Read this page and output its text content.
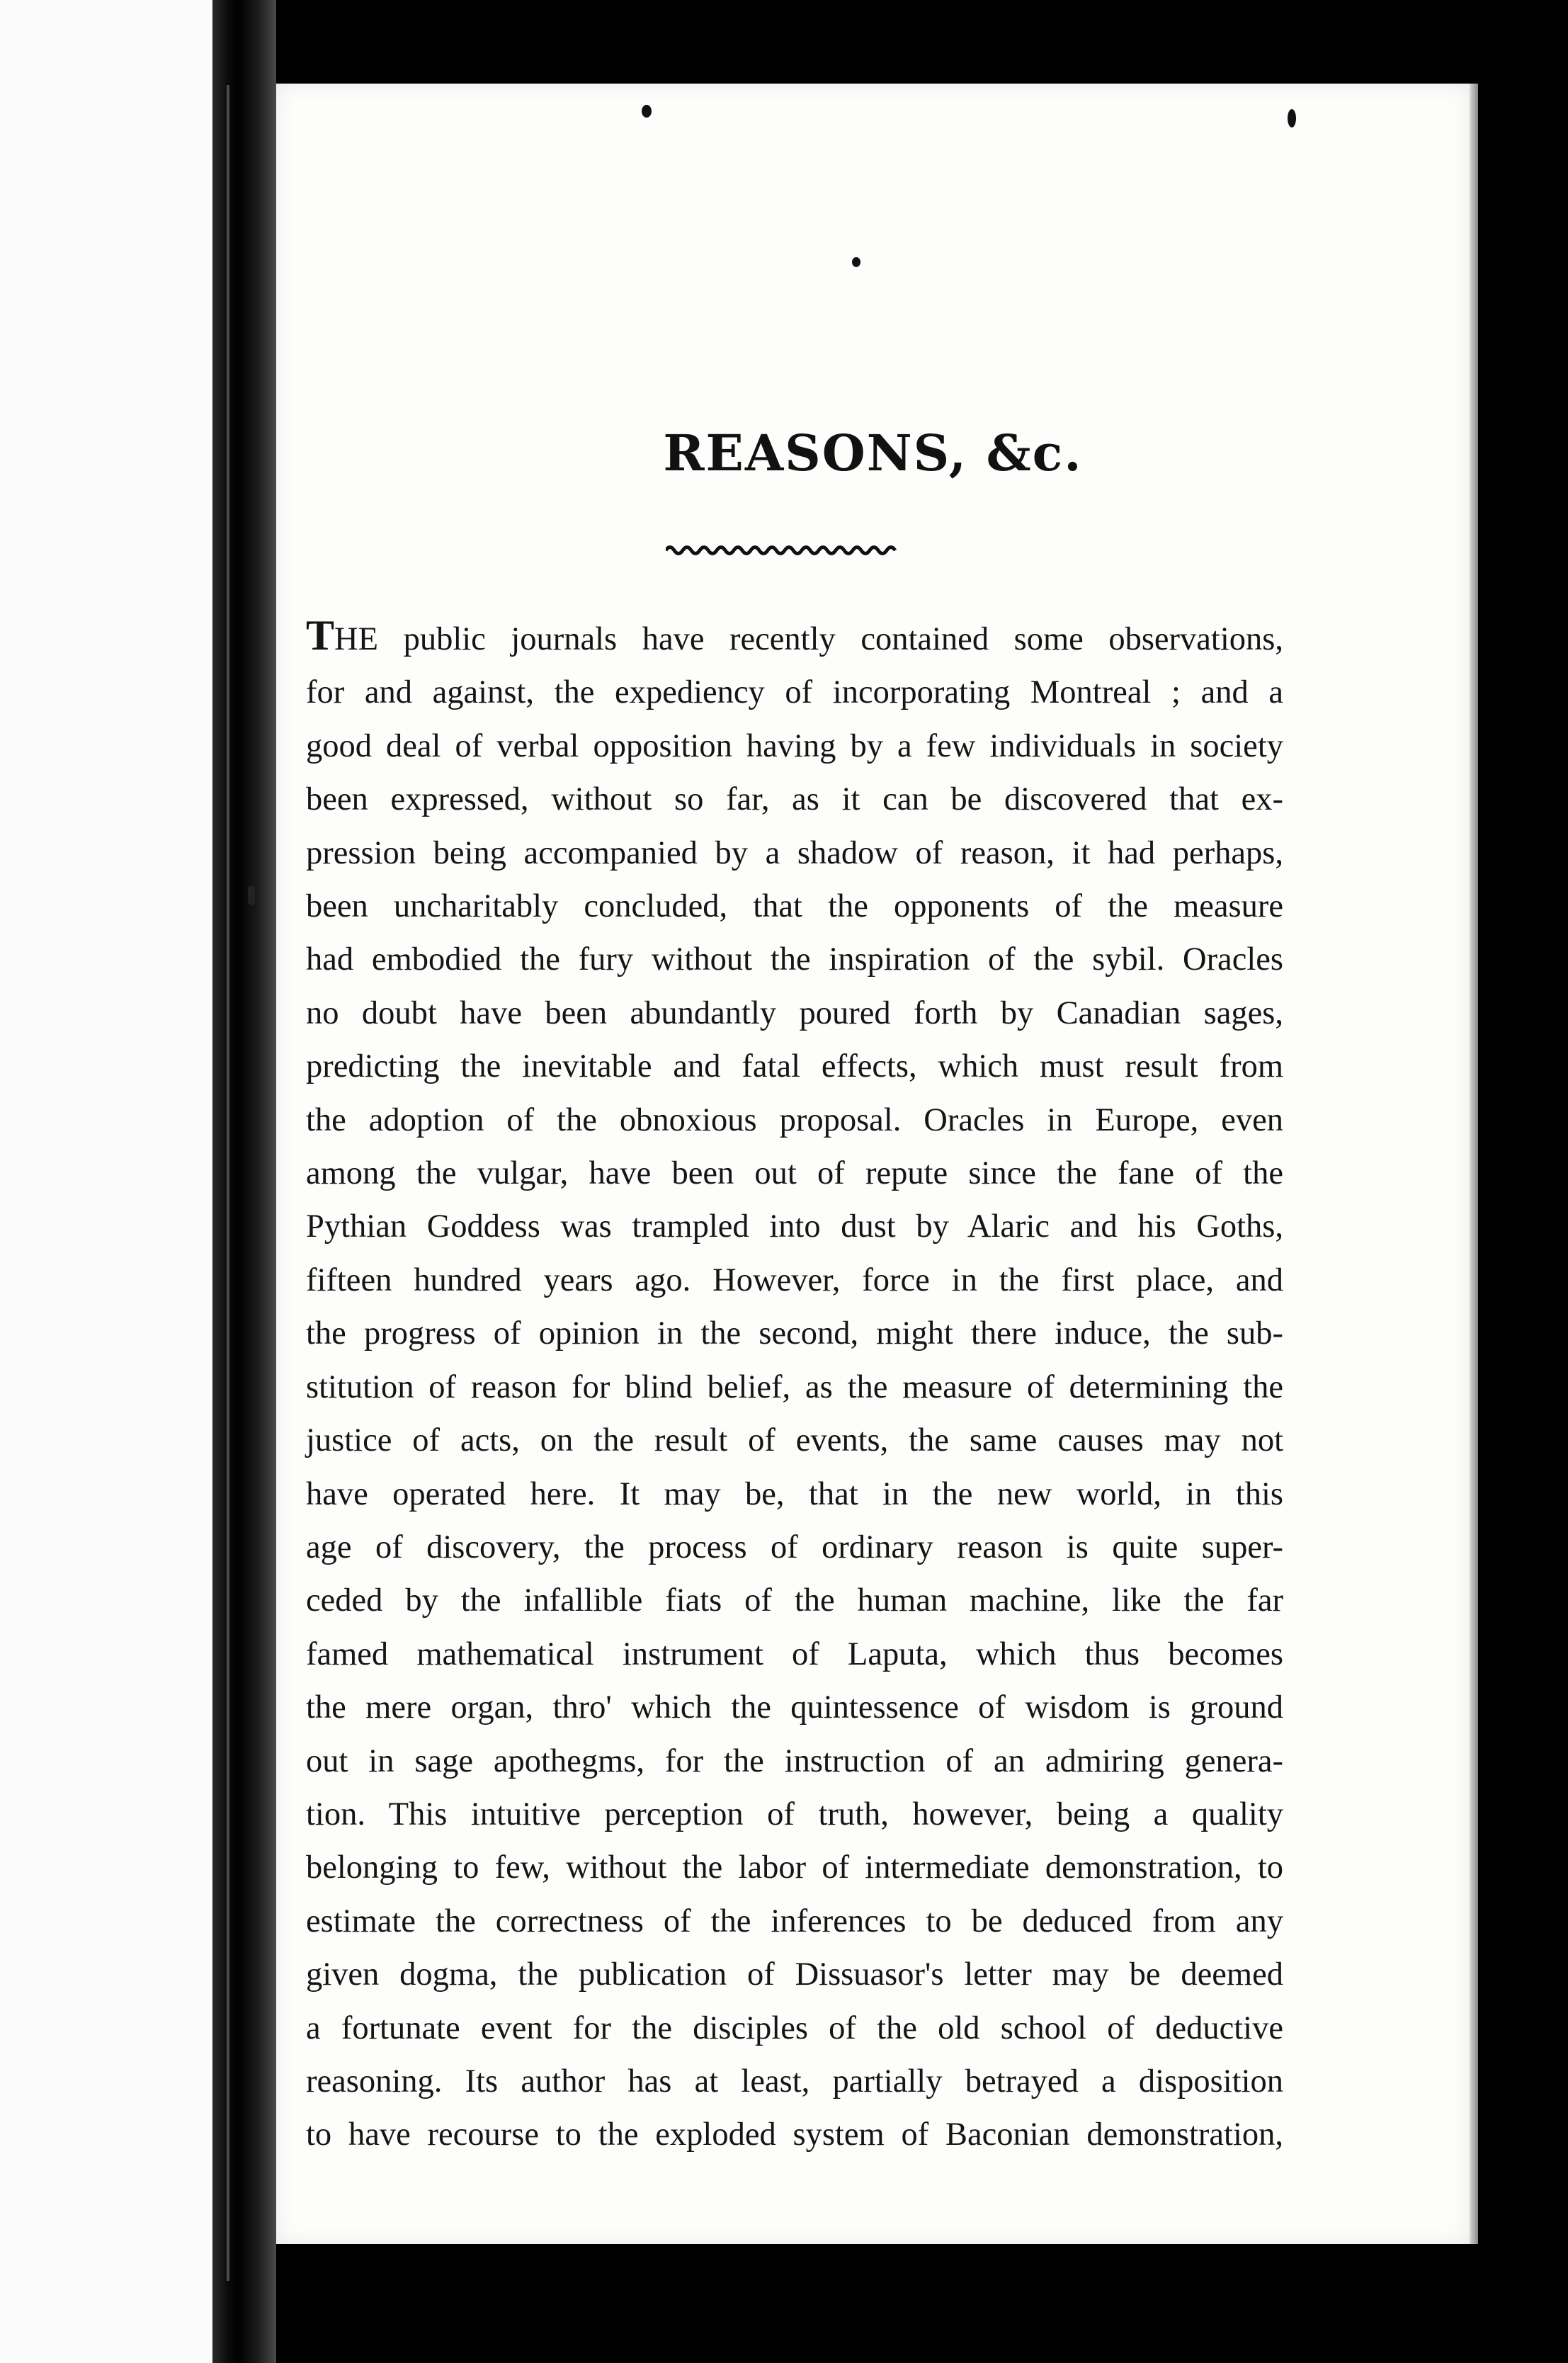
REASONS, &c.
THE public journals have recently contained some observations,
for and against, the expediency of incorporating Montreal ; and a
good deal of verbal opposition having by a few individuals in society
been expressed, without so far, as it can be discovered that ex-
pression being accompanied by a shadow of reason, it had perhaps,
been uncharitably concluded, that the opponents of the measure
had embodied the fury without the inspiration of the sybil. Oracles
no doubt have been abundantly poured forth by Canadian sages,
predicting the inevitable and fatal effects, which must result from
the adoption of the obnoxious proposal. Oracles in Europe, even
among the vulgar, have been out of repute since the fane of the
Pythian Goddess was trampled into dust by Alaric and his Goths,
fifteen hundred years ago. However, force in the first place, and
the progress of opinion in the second, might there induce, the sub-
stitution of reason for blind belief, as the measure of determining the
justice of acts, on the result of events, the same causes may not
have operated here. It may be, that in the new world, in this
age of discovery, the process of ordinary reason is quite super-
ceded by the infallible fiats of the human machine, like the far
famed mathematical instrument of Laputa, which thus becomes
the mere organ, thro' which the quintessence of wisdom is ground
out in sage apothegms, for the instruction of an admiring genera-
tion. This intuitive perception of truth, however, being a quality
belonging to few, without the labor of intermediate demonstration, to
estimate the correctness of the inferences to be deduced from any
given dogma, the publication of Dissuasor's letter may be deemed
a fortunate event for the disciples of the old school of deductive
reasoning. Its author has at least, partially betrayed a disposition
to have recourse to the exploded system of Baconian demonstration,
